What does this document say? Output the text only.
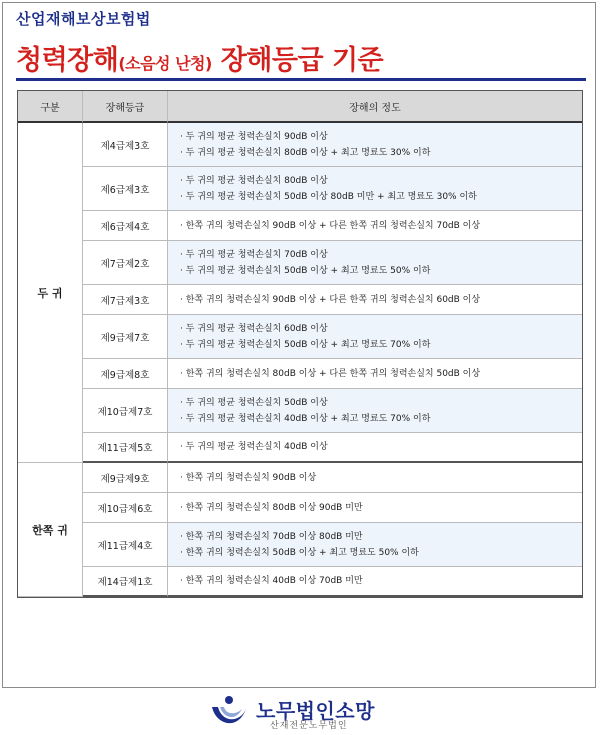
산업재해보상보험법
청력장해(소음성 난청) 장해등급 기준
구분	장해등급	장해의 정도
두 귀	제4급제3호	· 두 귀의 평균 청력손실치 90dB 이상
· 두 귀의 평균 청력손실치 80dB 이상 + 최고 명료도 30% 이하

	제6급제3호	· 두 귀의 평균 청력손실치 80dB 이상
· 두 귀의 평균 청력손실치 50dB 이상 80dB 미만 + 최고 명료도 30% 이하

	제6급제4호	· 한쪽 귀의 청력손실치 90dB 이상 + 다른 한쪽 귀의 청력손실치 70dB 이상

	제7급제2호	· 두 귀의 평균 청력손실치 70dB 이상
· 두 귀의 평균 청력손실치 50dB 이상 + 최고 명료도 50% 이하

	제7급제3호	· 한쪽 귀의 청력손실치 90dB 이상 + 다른 한쪽 귀의 청력손실치 60dB 이상

	제9급제7호	· 두 귀의 평균 청력손실치 60dB 이상
· 두 귀의 평균 청력손실치 50dB 이상 + 최고 명료도 70% 이하

	제9급제8호	· 한쪽 귀의 청력손실치 80dB 이상 + 다른 한쪽 귀의 청력손실치 50dB 이상

	제10급제7호	· 두 귀의 평균 청력손실치 50dB 이상
· 두 귀의 평균 청력손실치 40dB 이상 + 최고 명료도 70% 이하

	제11급제5호	· 두 귀의 평균 청력손실치 40dB 이상

한쪽 귀	제9급제9호	· 한쪽 귀의 청력손실치 90dB 이상

	제10급제6호	· 한쪽 귀의 청력손실치 80dB 이상 90dB 미만

	제11급제4호	· 한쪽 귀의 청력손실치 70dB 이상 80dB 미만
· 한쪽 귀의 청력손실치 50dB 이상 + 최고 명료도 50% 이하

	제14급제1호	· 한쪽 귀의 청력손실치 40dB 이상 70dB 미만
노무법인소망
산재전문노무법인
